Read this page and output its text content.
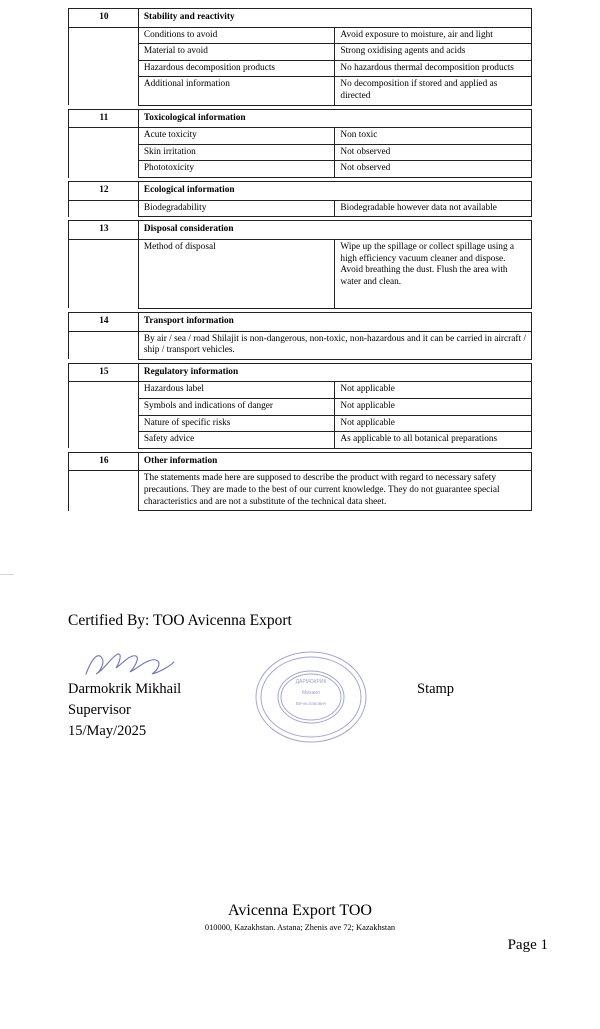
10	Stability and reactivity	
	Conditions to avoid	Avoid exposure to moisture, air and light
	Material to avoid	Strong oxidising agents and acids
	Hazardous decomposition products	No hazardous thermal decomposition products
	Additional information	No decomposition if stored and applied as directed

11	Toxicological information	
	Acute toxicity	Non toxic
	Skin irritation	Not observed
	Phototoxicity	Not observed

12	Ecological information	
	Biodegradability	Biodegradable however data not available

13	Disposal consideration	
	Method of disposal	Wipe up the spillage or collect spillage using a high efficiency vacuum cleaner and dispose. Avoid breathing the dust. Flush the area with water and clean.

14	Transport information	
	By air / sea / road Shilajit is non-dangerous, non-toxic, non-hazardous and it can be carried in aircraft / ship / transport vehicles.	

15	Regulatory information	
	Hazardous label	Not applicable
	Symbols and indications of danger	Not applicable
	Nature of specific risks	Not applicable
	Safety advice	As applicable to all botanical preparations

16	Other information	
	The statements made here are supposed to describe the product with regard to necessary safety precautions. They are made to the best of our current knowledge. They do not guarantee special characteristics and are not a substitute of the technical data sheet.	
Certified By: TOO Avicenna Export
ДАРМОКРИК
Михаил
Вячеславович
· · · · · · · · · · ·
· · · · · · · · · · ·
Darmokrik Mikhail
Supervisor
15/May/2025
Stamp
Avicenna Export TOO
010000, Kazakhstan. Astana; Zhenis ave 72; Kazakhstan
Page 1
